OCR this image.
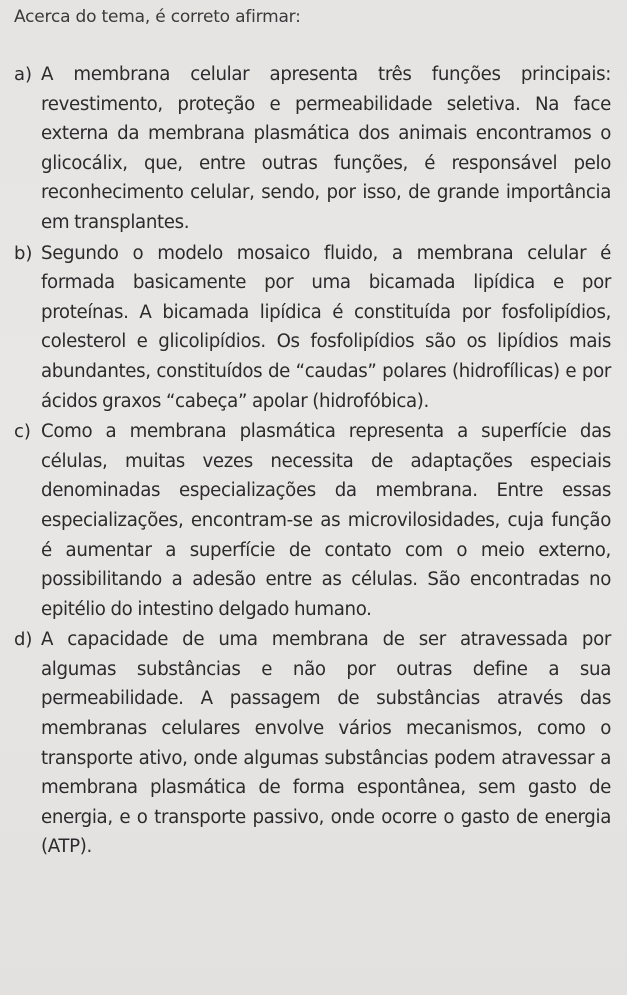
Acerca do tema, é correto afirmar:
a) A membrana celular apresenta três funções principais: revestimento, proteção e permeabilidade seletiva. Na face externa da membrana plasmática dos animais encontramos o glicocálix, que, entre outras funções, é responsável pelo reconhecimento celular, sendo, por isso, de grande importância em transplantes.

b) Segundo o modelo mosaico fluido, a membrana celular é formada basicamente por uma bicamada lipídica e por proteínas. A bicamada lipídica é constituída por fosfolipídios, colesterol e glicolipídios. Os fosfolipídios são os lipídios mais abundantes, constituídos de “caudas” polares (hidrofílicas) e por ácidos graxos “cabeça” apolar (hidrofóbica).

c) Como a membrana plasmática representa a superfície das células, muitas vezes necessita de adaptações especiais denominadas especializações da membrana. Entre essas especializações, encontram-se as microvilosidades, cuja função é aumentar a superfície de contato com o meio externo, possibilitando a adesão entre as células. São encontradas no epitélio do intestino delgado humano.

d) A capacidade de uma membrana de ser atravessada por algumas substâncias e não por outras define a sua permeabilidade. A passagem de substâncias através das membranas celulares envolve vários mecanismos, como o transporte ativo, onde algumas substâncias podem atravessar a membrana plasmática de forma espontânea, sem gasto de energia, e o transporte passivo, onde ocorre o gasto de energia (ATP).
